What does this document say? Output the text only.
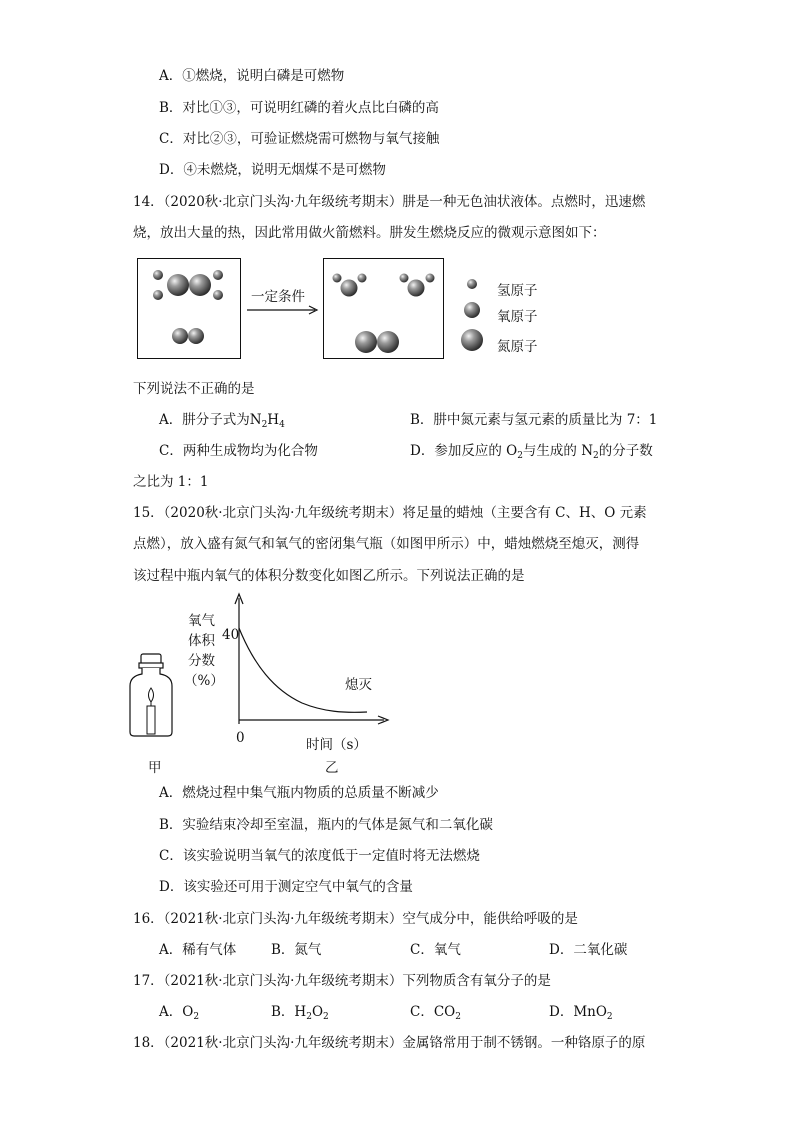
A．①燃烧，说明白磷是可燃物
B．对比①③，可说明红磷的着火点比白磷的高
C．对比②③，可验证燃烧需可燃物与氧气接触
D．④未燃烧，说明无烟煤不是可燃物
14．（2020秋·北京门头沟·九年级统考期末）肼是一种无色油状液体。点燃时，迅速燃
烧，放出大量的热，因此常用做火箭燃料。肼发生燃烧反应的微观示意图如下：
一定条件	氢原子
氧原子
氮原子
下列说法不正确的是
A．肼分子式为$N_2H_4$	B．肼中氮元素与氢元素的质量比为 7：1
C．两种生成物均为化合物	D．参加反应的 $O_2$与生成的 $N_2$的分子数
之比为 1：1
15．（2020秋·北京门头沟·九年级统考期末）将足量的蜡烛（主要含有 C、H、O 元素
点燃），放入盛有氮气和氧气的密闭集气瓶（如图甲所示）中，蜡烛燃烧至熄灭，测得
该过程中瓶内氧气的体积分数变化如图乙所示。下列说法正确的是
氧气
体积
分数
（%）
40
0	时间（s）
熄灭
甲	乙
A．燃烧过程中集气瓶内物质的总质量不断减少
B．实验结束冷却至室温，瓶内的气体是氮气和二氧化碳
C．该实验说明当氧气的浓度低于一定值时将无法燃烧
D．该实验还可用于测定空气中氧气的含量
16．（2021秋·北京门头沟·九年级统考期末）空气成分中，能供给呼吸的是
A．稀有气体	B．氮气	C．氧气	D．二氧化碳
17．（2021秋·北京门头沟·九年级统考期末）下列物质含有氧分子的是
A．$O_2$	B．$H_2O_2$	C．$CO_2$	D．MnO$_2$
18．（2021秋·北京门头沟·九年级统考期末）金属铬常用于制不锈钢。一种铬原子的原
